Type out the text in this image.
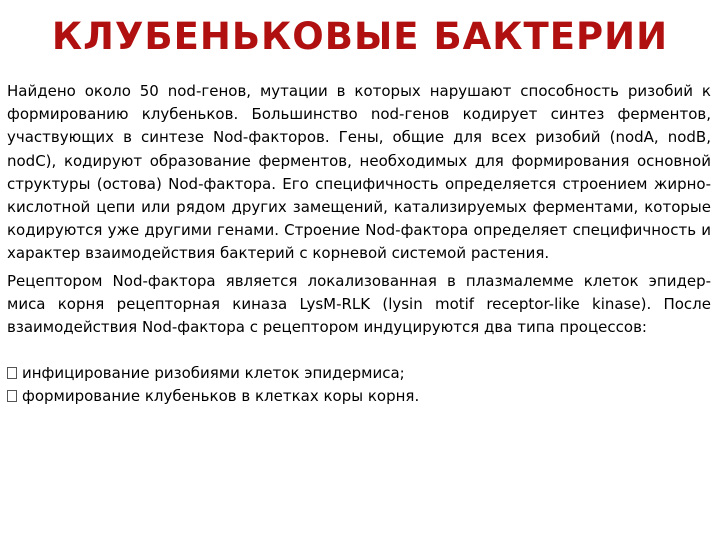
КЛУБЕНЬКОВЫЕ БАКТЕРИИ

Найдено около 50 nod-генов, мутации в которых нарушают способность ризобий к формированию клубеньков. Большинство nod-генов кодирует синтез ферментов, участвующих в синтезе Nod-факторов. Гены, общие для всех ризобий (nodA, nodB, nodC), кодируют образование ферментов, необходимых для формирования основной структуры (остова) Nod-фактора. Его специфичность определяется строением жирно-кислотной цепи или рядом других замещений, катализируемых ферментами, которые кодируются уже другими генами. Строение Nod-фактора определяет специфичность и характер взаимодействия бактерий с корневой системой растения.

Рецептором Nod-фактора является локализованная в плазмалемме клеток эпидер- миса корня рецепторная киназа LysM-RLK (lysin motif receptor-like kinase). После взаимодействия Nod-фактора с рецептором индуцируются два типа процессов:

инфицирование ризобиями клеток эпидермиса;
формирование клубеньков в клетках коры корня.
